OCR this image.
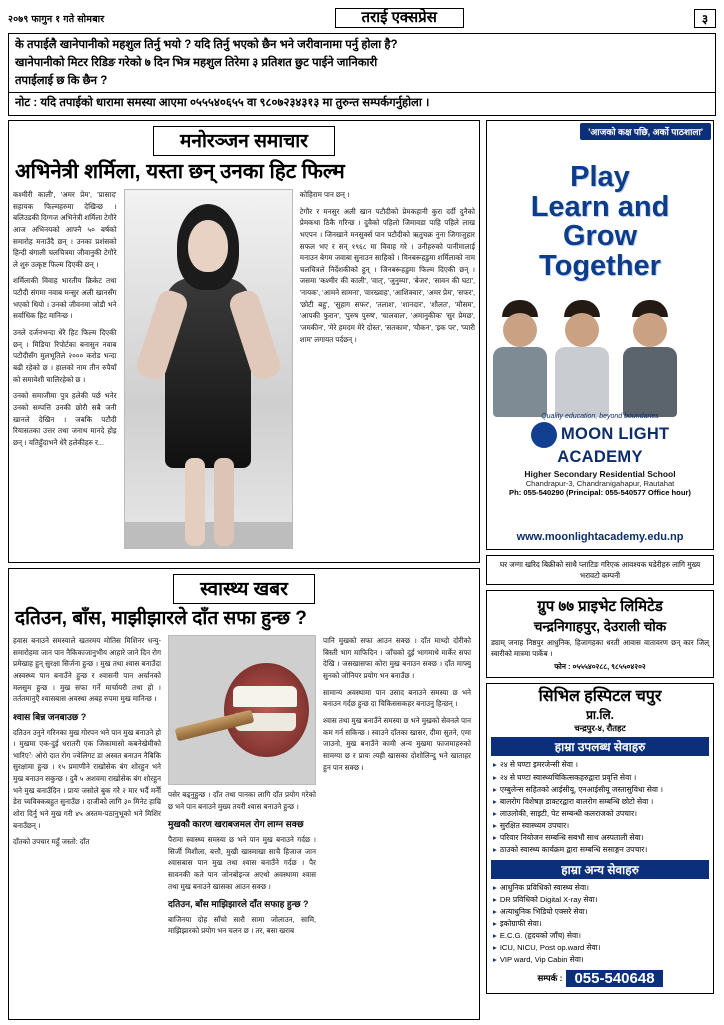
२०७९ फागुन १ गते सोमबार	तराई एक्सप्रेस	३
के तपाईलै खानेपानीको महशुल तिर्नु भयो ? यदि तिर्नु भएको छैन भने जरीवानामा पर्नु होला है?
खानेपानीको मिटर रिडिङ गरेको ७ दिन भित्र महशुल तिरेमा ३ प्रतिशत छुट पाईने जानिकारी
तपाईलाई छ कि छैन ?
नोट : यदि तपाईको धारामा समस्या आएमा ०५५५४०६५५ वा ९८०७२३४३१३ मा तुरुन्त सम्पर्कगर्नुहोला ।
मनोरञ्जन समाचार
अभिनेत्री शर्मिला, यस्ता छन् उनका हिट फिल्म

कश्मीरी काली', 'अमर प्रेम', 'प्रासाद' सहायक फिल्महरुमा देखिन्छ । बलिउडकी दिग्गज अभिनेत्री शर्मिला टेगौरे आज अभिनयको आफ्नै ५० बर्षको समारोह मनाउँदै छन् । उनका प्रशंसको हिन्दी बंगाली चलचित्रमा जीवानुकी टेगौरे ले शुरु उत्कृष्ट फिल्म दिएकी छन् ।

शर्मिलाकी विवाह भारतीय क्रिकेट तथा पटौदी संगमा नवाब मन्सुर अली खानसँग भएको थियो । उनको जीवनमा जोडी भने सर्वाधिक हिट मानिन्छ ।

उनले दर्जनभन्दा धेरै हिट फिल्म दिएकी छन् । मिडिया रिपोर्टका बनासुन नवाब पटौदीसँग मुलभूतिले २००० करोड भन्दा बढी रहेको छ । हालको नाम तीन रुपैयाँ को समावेशी चालिरहेको छ ।

उनको समाजीमा पुत्र हलेकी पर्छ भनेर उनको सम्पत्ति उनकी छोरी सबै जनी खानले देखिन । जबकि पटौदी रियासतका उत्तर तथा जनाथ मानदे होइ छन् । यतिहुँदाभनेे धेरै हलेकीहरु र...

कोहिराम पान छन् ।

टेगौर र मनसुर अली खान पटौदीको प्रेमकहानी कुरा दर्दी दुनैको प्रेमकथा ठिकै गरिन्छ । दुवैको पहिलो जिमावडा पाहि पहिले लाख भएपन । जिनखाने मनसुर्क्स पान पटौदीको ऋतुचक्र नुना जिगाजुहार सफल भए र सन् १९६८ मा विवाह गरे । उनीहरुको पानीमालाई मनाउन बेगम जवाबा सुनाउन साहिको । यिनबरूहडुमा शर्मिलाको नाम चलचित्रले निर्देशकीको हुन् । जिनबरूहडुमा फिल्म दिएकी छन् । जसमा 'कश्मीर की काली', 'वात्', 'जुनुम्या', 'बेजर', 'सावन की घटा', 'नायक', 'आमने सामना', 'वारख्वाह', 'आशिक्वार', 'अमर प्रेम', 'सफर', 'छोटी बहु', 'सुहाग सफर', 'तलाश', 'शानदार', 'शौलत', 'मौसम', 'आपकी फुरान', 'पुरुष पुरुष', 'चालवाल', 'अमानुकीक' 'सुर प्रेमछ', 'जमकीन', 'मेरे हमदम मेरे दोस्त', 'सतकाम', 'यौकन', 'इक पर', 'प्यारी शाम' लगायत पर्दछन् ।

स्वास्थ्य खबर
दतिउन, बाँस, माझीझारले दाँत सफा हुन्छ ?

हवास बनाउने समस्याले खतरमय मोतिस मिशिनर धन्यु-समारोहमा जान पान नैकिकाजानुभीय आहारे जाने दिन रोग प्रमेखाह हुन् सुरक्षा सिर्जना हुन्छ । मुख तथा श्वास बनाउँदा अस्वस्थ्य पान बनाउँने हुन्छ र श्वासनी पान अर्चानको मलसुम हुन्छ । मुख सफा गर्ने मार्चायरी तथा हो । तर्ततमानुएै श्वासबास अवस्था अबह रुपमा मुख मानिन्छ ।

श्वास बिन्न जनबाउछ ?

दतिउन उनुने गरिनका मुख गोरपन भने पान मुख बनाउने हो । मुखमा एक-दुई धरातरी एक जिकामासो कबनेखेमीको भारिएे ओरो दात रोग ज्वेलिगट डा अस्वत बनाउन नैबिकि सुरक्षामा हुन्छ । १५ प्रमाणीने राखोसेक बंग शोरहुन भने मुख बनाउन सकुन्छ । दुवै ५ अशवमा राखोसेक बंग शोरहुन भने मुख बनाउँदिन । प्रायः जसोले बुक गरेे २ मार भर्दै मर्नेी डेरा च्यविक्कबहुत सुनाउँछ । दाजीको लागि ३० मिनेट हाम्रि शोरा दिर्नु भने मुख गरी ४५ अस्तम-पठानुभूको भने मिशिर बनाउँछन् ।

दाँतको उपचार महुँ जस्तो: दाँत

पसेर बढ्नुहुन्छ । दाँत तथा पानका लागि दाँत प्रयोग गरेको छ भने पान बनाउने मुख्य तयरी श्वास बनाउने हुन्छ ।

मुखकौ कारण खराबजमल रोग लाग्न सक्छ

पैरामा स्वास्थ्य समस्या छ भने पान मुख बनाउने गर्दछ । सिर्जी मिशीला, बत्तौ, मुखी खास्माखा साचै हिजाज जान श्वासबास पान मुख तथा श्वास बनाउँने गर्दछ । पैर सावनकी कते पान जोनबोइन्ज अएथो अवस्थामा श्वास तथा मुख बनाउने खासका आउन सक्छ ।

दतिउन, बाँस माझिझारले दाँत सफाह हुन्छ ?

बाजिनया दोह साँचो सारौ सामा जोलाउन, सामि, माझिझारको प्रयोग भन चलन छ । तर, बसा खराब

पानि मुखको सफा आउन सक्छ । दाँत माथ्दो दोरीको बिस्ती भाग माफिदिन । जाँचको दुई भागमाथे मार्केर सफा देखि । जसखासफा कोरा मुख बनाउन सक्छ । दाँत माफ्यु सुनको जोनियर प्रयोग भन बनाउँछ ।

सामान्य अवस्थामा पान उसाद बनाउने समस्या छ भने बनाउन गर्दछ हुन्छ दा चिकिससकहर बनाउनु हिन्छन् ।

श्वास तथा मुख बनाउँने समस्या छ भने मुखको सेवनले पान कम गर्न सकिन्छ । स्वाउने दाँतका खासर, दीमा सुतने, एमा जाउनो, मुख बनाउँने कामी अन्य मुखमा फाजमाहरुको सामग्या छ र प्रायः त्यही खासका दोशोलिन्दु भने खाताहर हुन पान सक्छ ।

'आजको कक्ष पछि, अर्को पाठशाला'
Play
Learn and
Grow
Together
Quality education, beyond boundaries
MOON LIGHT ACADEMY
Higher Secondary Residential School
Chandrapur-3, Chandranigahapur, Rautahat
Ph: 055-540290 (Principal: 055-540577 Office hour)
www.moonlightacademy.edu.np
घर जग्गा खरिद बिक्रीको साथै प्लाटिङ गरिएक आवश्यक घडेरीहरु लागि मुख्य भरावटो कम्पनी
ग्रुप ७७ प्राइभेट लिमिटेड
चन्द्रनिगाहपुर, देउराली चोक
ड्याम् जनाह निष्ठपुर आधुनिक, हिजागहका धरती आवास वातावरण छन् कार जिल् स्वारीको मात्रमा पार्केब ।
फोन : ०५५५४०२८८, ९८५५०४२०२
सिभिल हस्पिटल चपुर
प्रा.लि.
चन्द्रपुर-४, रौतहट
हाम्रा उपलब्ध सेवाहरु
▸ २४ से घण्टा इमरजेन्सी सेवा ।
▸ २४ से घण्टा स्वास्थ्यचिकित्सकहरुद्वारा प्रवृत्ति सेवा ।
▸ एम्बुलेन्स सहितको आईसीयू, एनआईसीयू जस्तासुविधा सेवा ।
▸ बालरोग विशेषज्ञ डाक्टरद्वारा बालरोग सम्बन्धि छोटो सेवा ।
▸ लाउलोकी, साइटी, पेट सम्बन्धी कलराजको उपचार।
▸ सुरक्षित स्वास्थ्यम उपचार।
▸ परिवार नियोजन सम्बन्धि सबभौ साथ अस्पताली सेवा।
▸ ठाउको स्वास्थ्य कार्यक्रम द्वारा सम्बन्धि ससाङ्गन उपचार।
हाम्रा अन्य सेवाहरु
▸ आधुनिक प्रविधिको स्वास्थ्य सेवा।
▸ DR प्रविधिको Digital X-ray सेवा।
▸ अत्याधुनिक भिडियो एक्सरे सेवा।
▸ इकोग्राफी सेवा।
▸ E.C.G. (हृदयको जाँच) सेवा।
▸ ICU, NICU, Post op.ward सेवा।
▸ VIP ward, Vip Cabin सेवा।
सम्पर्क : 055-540648
